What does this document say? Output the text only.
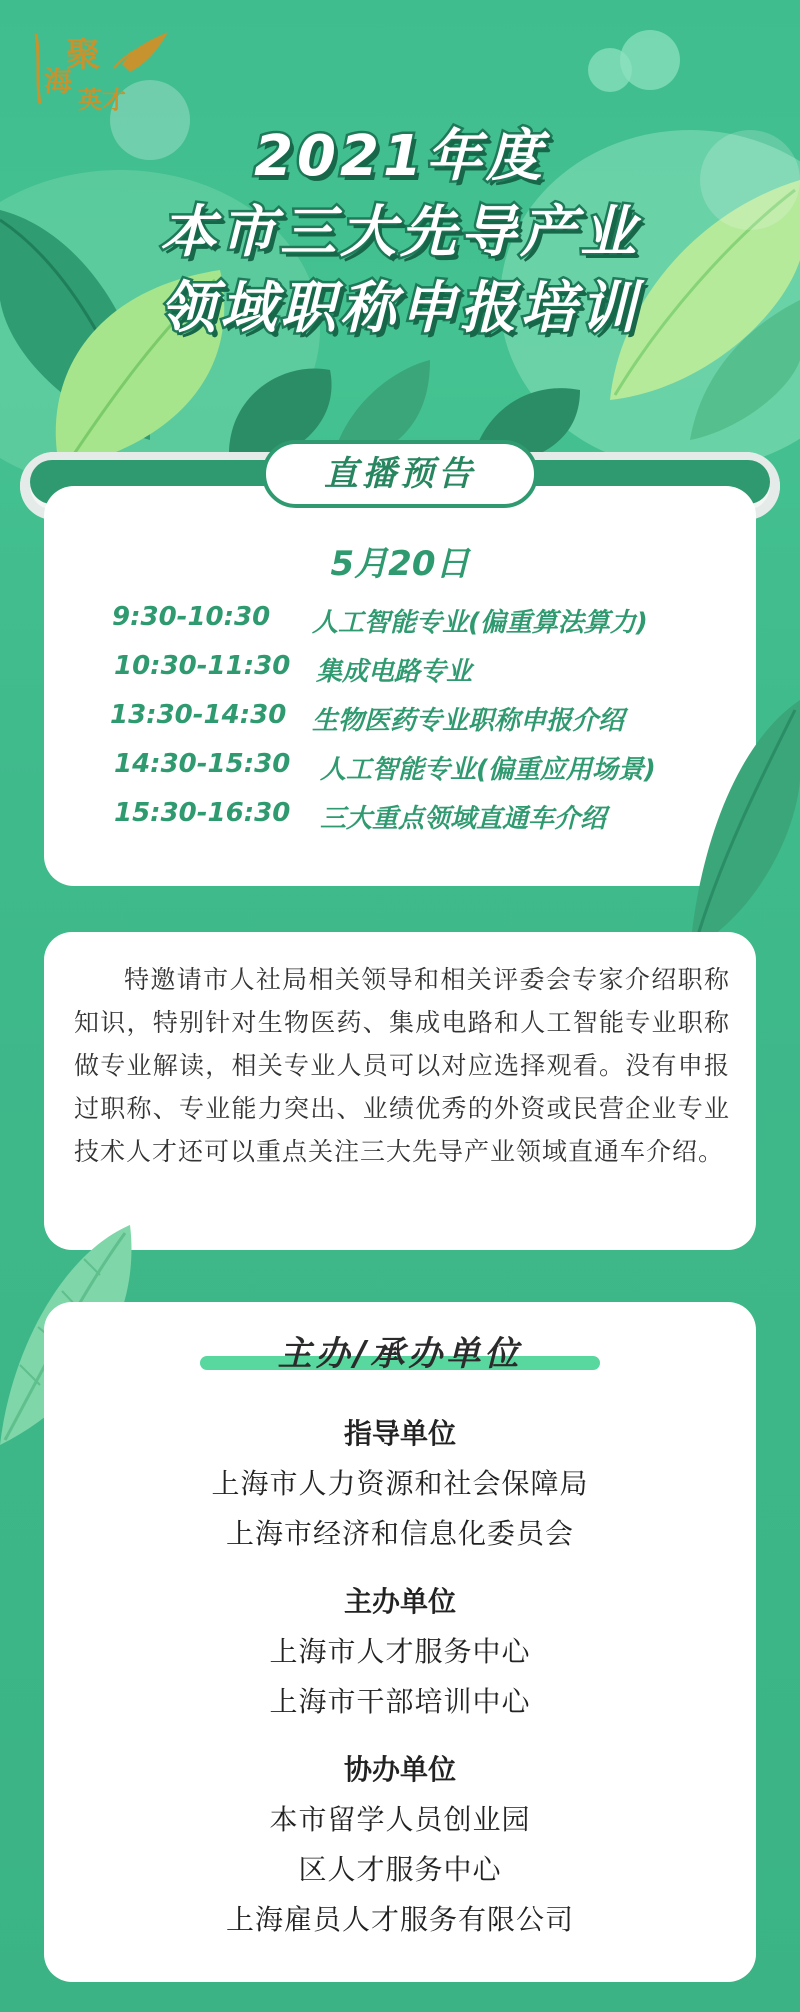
聚
海
英才
2021年度
本市三大先导产业
领域职称申报培训
直播预告
5月20日
9:30-10:30 人工智能专业(偏重算法算力)
10:30-11:30 集成电路专业
13:30-14:30 生物医药专业职称申报介绍
14:30-15:30 人工智能专业(偏重应用场景)
15:30-16:30 三大重点领域直通车介绍

特邀请市人社局相关领导和相关评委会专家介绍职称知识，特别针对生物医药、集成电路和人工智能专业职称做专业解读，相关专业人员可以对应选择观看。没有申报过职称、专业能力突出、业绩优秀的外资或民营企业专业技术人才还可以重点关注三大先导产业领域直通车介绍。

主办/承办单位
指导单位
上海市人力资源和社会保障局
上海市经济和信息化委员会
主办单位
上海市人才服务中心
上海市干部培训中心
协办单位
本市留学人员创业园
区人才服务中心
上海雇员人才服务有限公司
